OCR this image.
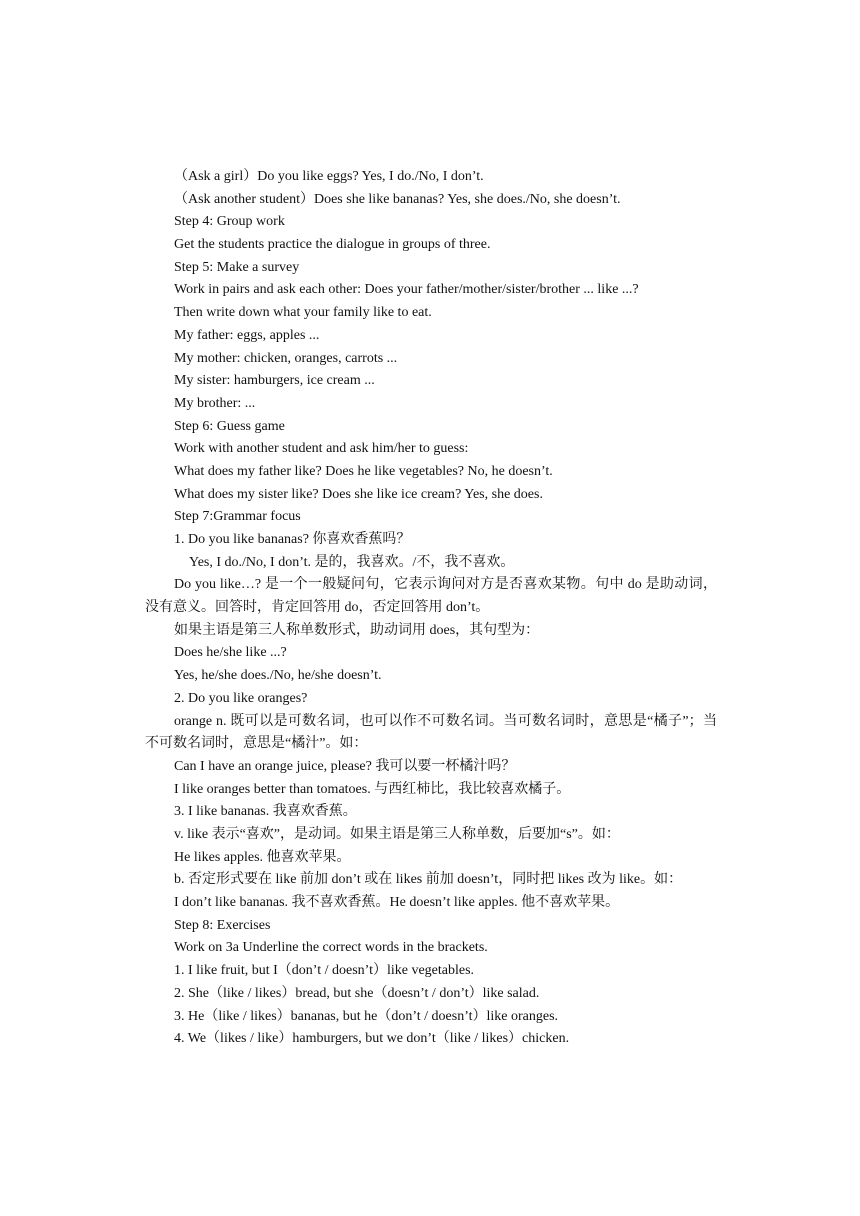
（Ask a girl）Do you like eggs? Yes, I do./No, I don’t.
（Ask another student）Does she like bananas? Yes, she does./No, she doesn’t.
Step 4: Group work
Get the students practice the dialogue in groups of three.
Step 5: Make a survey
Work in pairs and ask each other: Does your father/mother/sister/brother ... like ...?
Then write down what your family like to eat.
My father: eggs, apples ...
My mother: chicken, oranges, carrots ...
My sister: hamburgers, ice cream ...
My brother: ...
Step 6: Guess game
Work with another student and ask him/her to guess:
What does my father like? Does he like vegetables? No, he doesn’t.
What does my sister like? Does she like ice cream? Yes, she does.
Step 7:Grammar focus
1. Do you like bananas? 你喜欢香蕉吗？
Yes, I do./No, I don’t. 是的，我喜欢。/不，我不喜欢。
Do you like…? 是一个一般疑问句，它表示询问对方是否喜欢某物。句中 do 是助动词，没有意义。回答时，肯定回答用 do，否定回答用 don’t。
如果主语是第三人称单数形式，助动词用 does，其句型为：
Does he/she like ...?
Yes, he/she does./No, he/she doesn’t.
2. Do you like oranges?
orange n. 既可以是可数名词，也可以作不可数名词。当可数名词时，意思是“橘子”；当不可数名词时，意思是“橘汁”。如：
Can I have an orange juice, please? 我可以要一杯橘汁吗？
I like oranges better than tomatoes. 与西红柿比，我比较喜欢橘子。
3. I like bananas. 我喜欢香蕉。
v. like 表示“喜欢”，是动词。如果主语是第三人称单数，后要加“s”。如：
He likes apples. 他喜欢苹果。
b. 否定形式要在 like 前加 don’t 或在 likes 前加 doesn’t，同时把 likes 改为 like。如：
I don’t like bananas. 我不喜欢香蕉。He doesn’t like apples. 他不喜欢苹果。
Step 8: Exercises
Work on 3a Underline the correct words in the brackets.
1. I like fruit, but I（don’t / doesn’t）like vegetables.
2. She（like / likes）bread, but she（doesn’t / don’t）like salad.
3. He（like / likes）bananas, but he（don’t / doesn’t）like oranges.
4. We（likes / like）hamburgers, but we don’t（like / likes）chicken.
